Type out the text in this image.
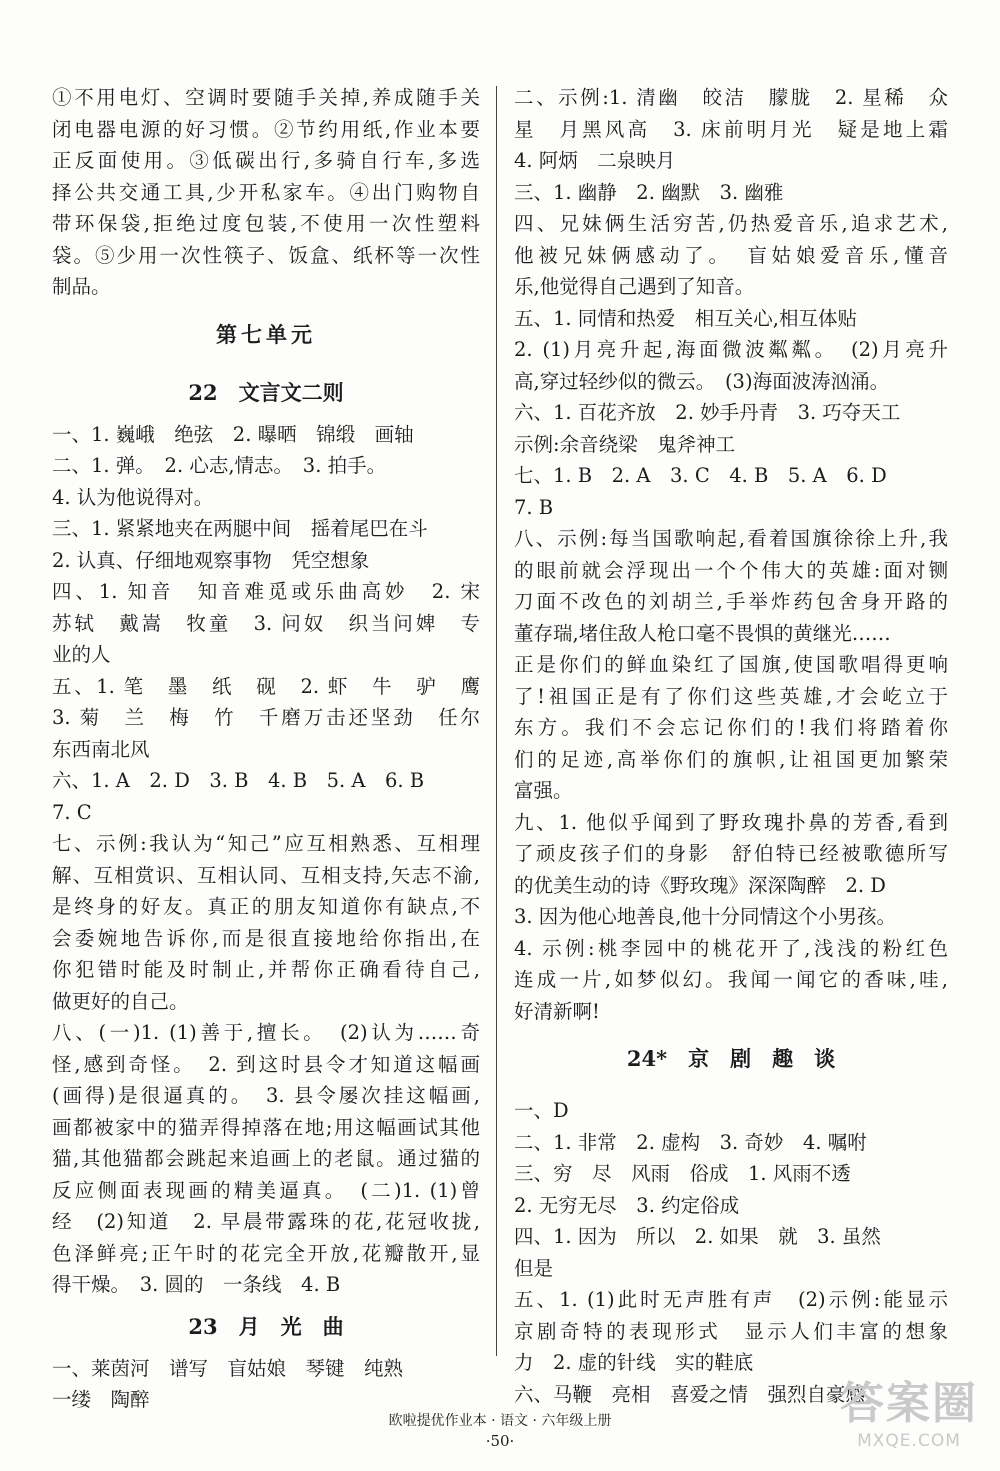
①不用电灯、空调时要随手关掉,养成随手关
闭电器电源的好习惯。②节约用纸,作业本要
正反面使用。③低碳出行,多骑自行车,多选
择公共交通工具,少开私家车。④出门购物自
带环保袋,拒绝过度包装,不使用一次性塑料
袋。⑤少用一次性筷子、饭盒、纸杯等一次性
制品。
第七单元
22　文言文二则
一、1. 巍峨　绝弦　2. 曝晒　锦缎　画轴
二、1. 弹。　2. 心志,情志。　3. 拍手。
4. 认为他说得对。
三、1. 紧紧地夹在两腿中间　摇着尾巴在斗
2. 认真、仔细地观察事物　凭空想象
四、1. 知音　知音难觅或乐曲高妙　2. 宋
苏轼　戴嵩　牧童　3. 问奴　织当问婢　专
业的人
五、1. 笔　墨　纸　砚　2. 虾　牛　驴　鹰
3. 菊　兰　梅　竹　千磨万击还坚劲　任尔
东西南北风
六、1. A　2. D　3. B　4. B　5. A　6. B
7. C
七、示例:我认为“知己”应互相熟悉、互相理
解、互相赏识、互相认同、互相支持,矢志不渝,
是终身的好友。真正的朋友知道你有缺点,不
会委婉地告诉你,而是很直接地给你指出,在
你犯错时能及时制止,并帮你正确看待自己,
做更好的自己。
八、(一)1. (1)善于,擅长。　(2)认为……奇
怪,感到奇怪。　2. 到这时县令才知道这幅画
(画得)是很逼真的。　3. 县令屡次挂这幅画,
画都被家中的猫弄得掉落在地;用这幅画试其他
猫,其他猫都会跳起来追画上的老鼠。通过猫的
反应侧面表现画的精美逼真。　(二)1. (1)曾
经　(2)知道　2. 早晨带露珠的花,花冠收拢,
色泽鲜亮;正午时的花完全开放,花瓣散开,显
得干燥。　3. 圆的　一条线　4. B
23　月　光　曲
一、莱茵河　谱写　盲姑娘　琴键　纯熟
一缕　陶醉
二、示例:1. 清幽　皎洁　朦胧　2. 星稀　众
星　月黑风高　3. 床前明月光　疑是地上霜
4. 阿炳　二泉映月
三、1. 幽静　2. 幽默　3. 幽雅
四、兄妹俩生活穷苦,仍热爱音乐,追求艺术,
他被兄妹俩感动了。　盲姑娘爱音乐,懂音
乐,他觉得自己遇到了知音。
五、1. 同情和热爱　相互关心,相互体贴
2. (1)月亮升起,海面微波粼粼。　(2)月亮升
高,穿过轻纱似的微云。　(3)海面波涛汹涌。
六、1. 百花齐放　2. 妙手丹青　3. 巧夺天工
示例:余音绕梁　鬼斧神工
七、1. B　2. A　3. C　4. B　5. A　6. D
7. B
八、示例:每当国歌响起,看着国旗徐徐上升,我
的眼前就会浮现出一个个伟大的英雄:面对铡
刀面不改色的刘胡兰,手举炸药包舍身开路的
董存瑞,堵住敌人枪口毫不畏惧的黄继光……
正是你们的鲜血染红了国旗,使国歌唱得更响
了!祖国正是有了你们这些英雄,才会屹立于
东方。我们不会忘记你们的!我们将踏着你
们的足迹,高举你们的旗帜,让祖国更加繁荣
富强。
九、1. 他似乎闻到了野玫瑰扑鼻的芳香,看到
了顽皮孩子们的身影　舒伯特已经被歌德所写
的优美生动的诗《野玫瑰》深深陶醉　2. D
3. 因为他心地善良,他十分同情这个小男孩。
4. 示例:桃李园中的桃花开了,浅浅的粉红色
连成一片,如梦似幻。我闻一闻它的香味,哇,
好清新啊!
24*　京　剧　趣　谈
一、D
二、1. 非常　2. 虚构　3. 奇妙　4. 嘱咐
三、穷　尽　风雨　俗成　1. 风雨不透
2. 无穷无尽　3. 约定俗成
四、1. 因为　所以　2. 如果　就　3. 虽然
但是
五、1. (1)此时无声胜有声　(2)示例:能显示
京剧奇特的表现形式　显示人们丰富的想象
力　2. 虚的针线　实的鞋底
六、马鞭　亮相　喜爱之情　强烈自豪感
欧啦提优作业本 · 语文 · 六年级上册
·50·
答案圈
MXQE.COM
